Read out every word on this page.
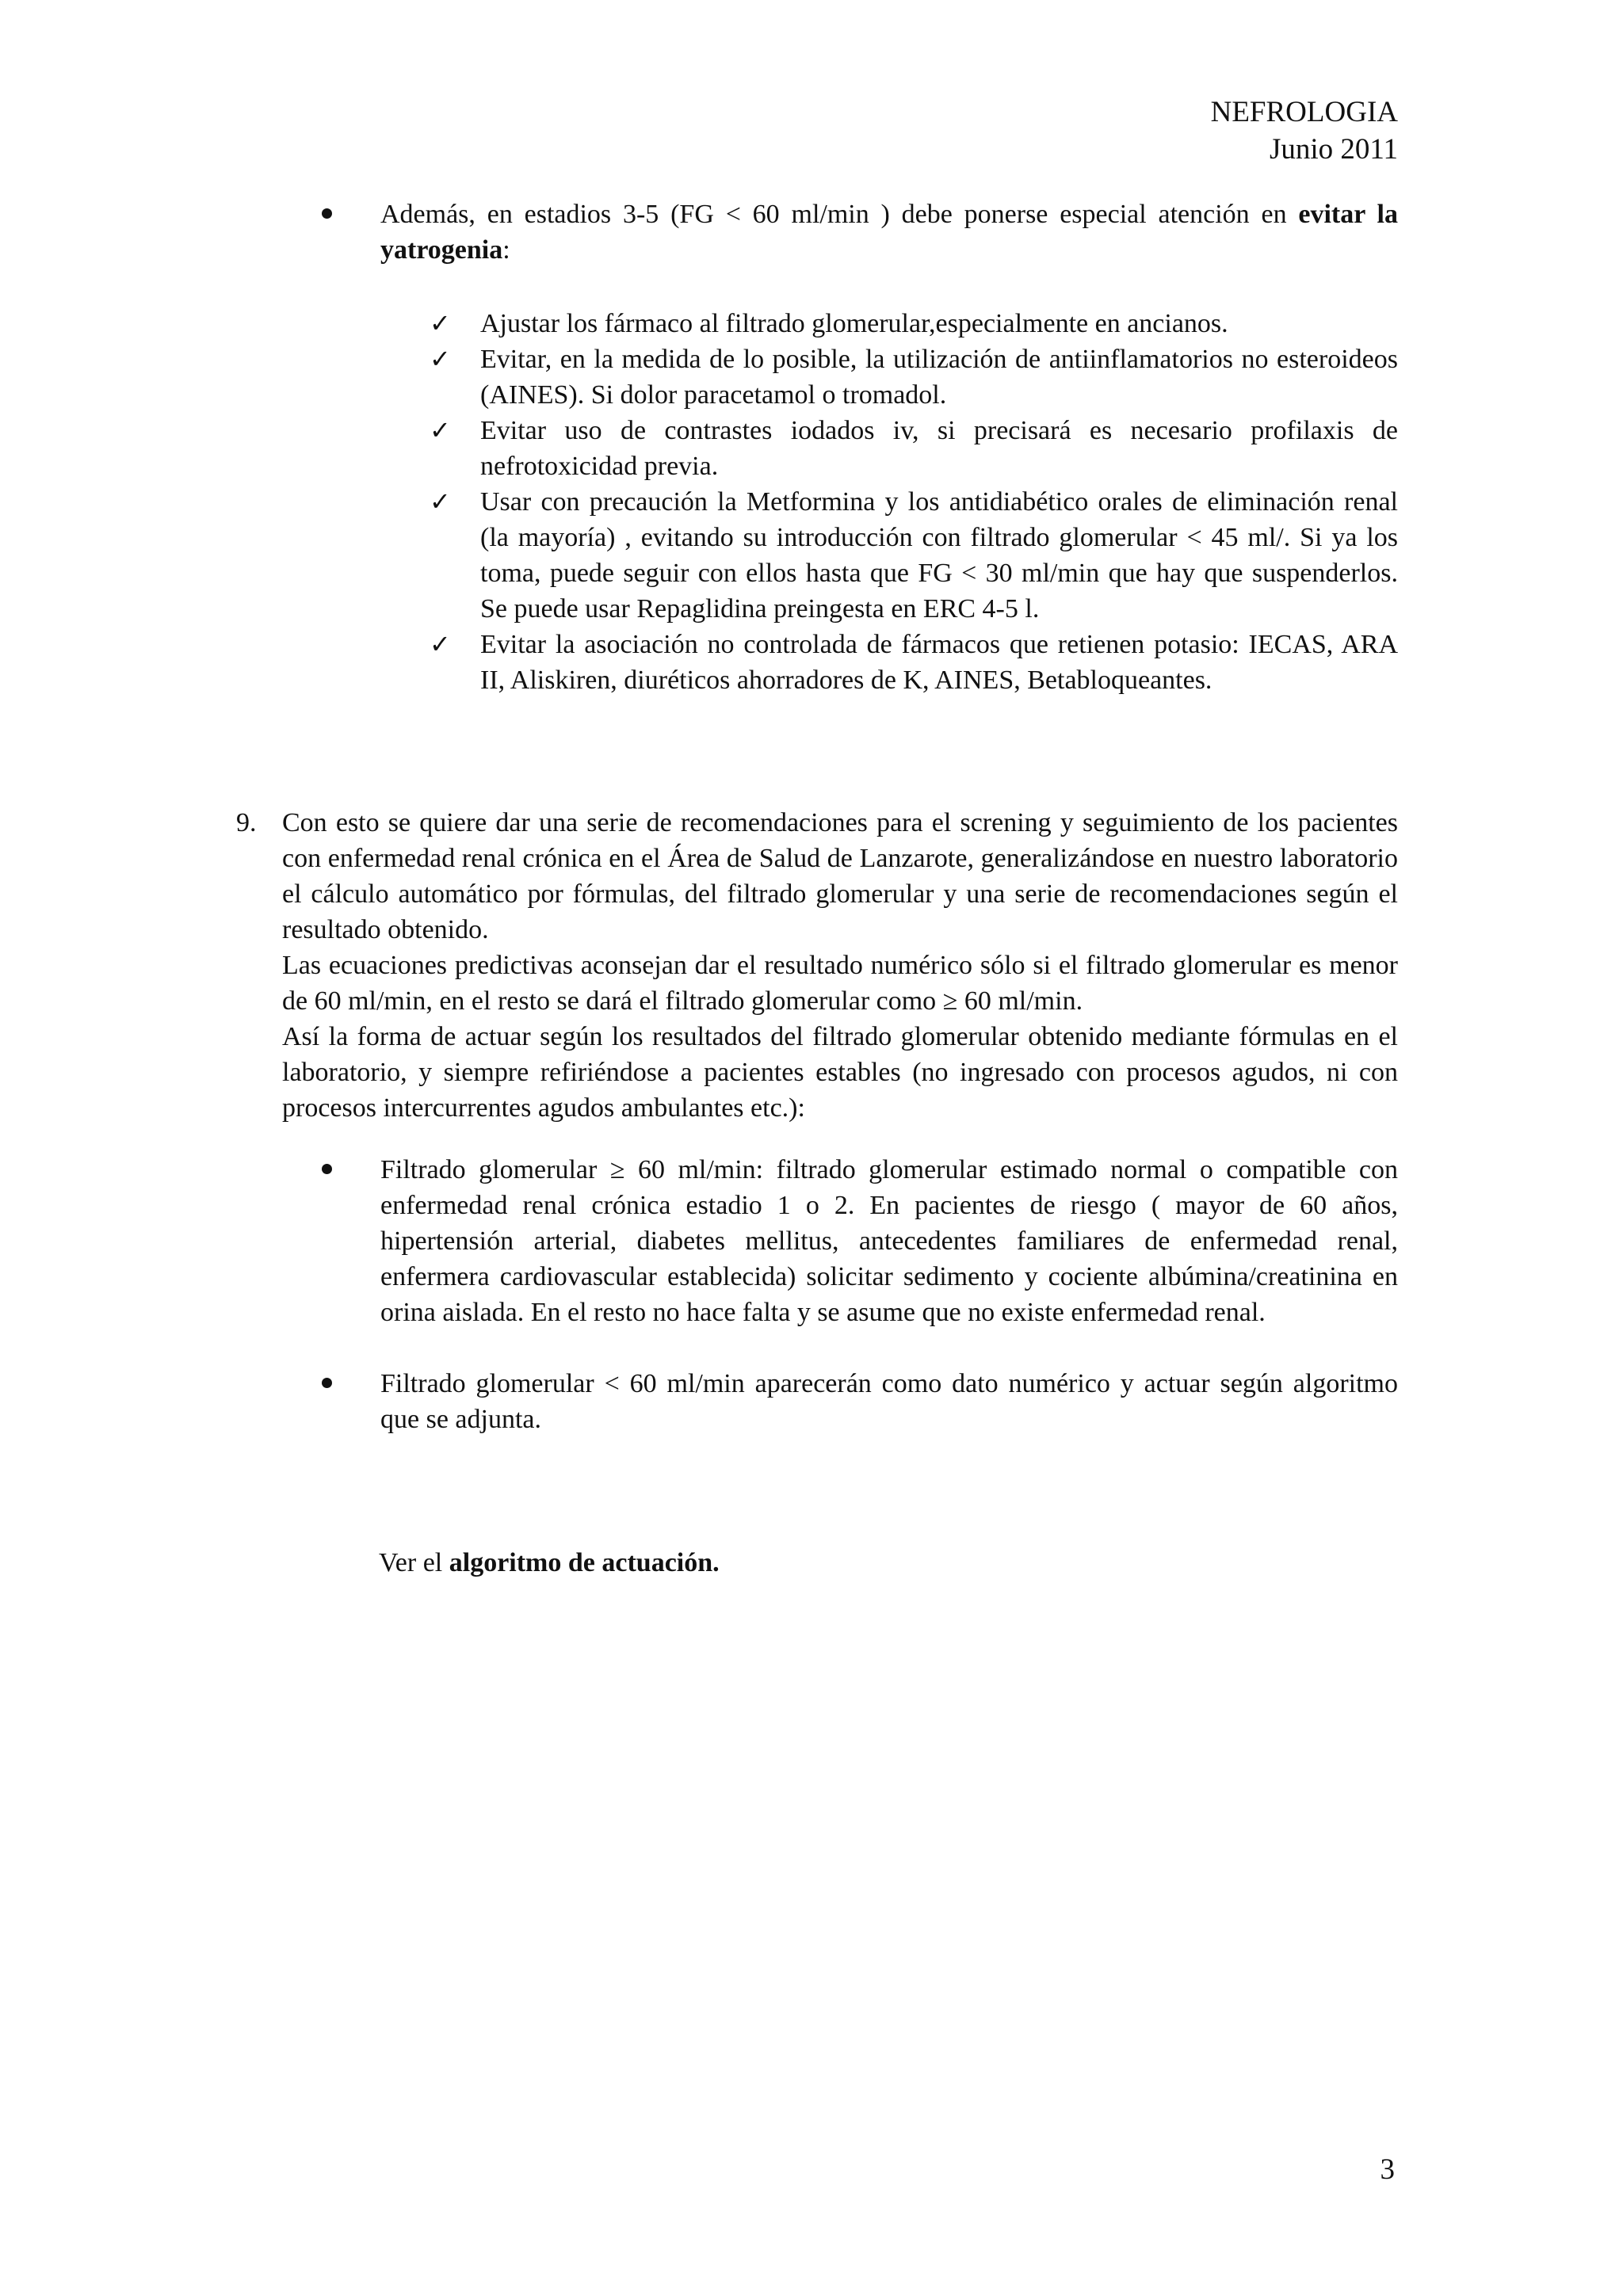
NEFROLOGIA
Junio 2011
Además, en estadios 3-5 (FG < 60 ml/min ) debe ponerse especial atención en evitar la yatrogenia:
✓	Ajustar los fármaco al filtrado glomerular,especialmente en ancianos.
✓	Evitar, en la medida de lo posible, la utilización de antiinflamatorios no esteroideos (AINES). Si dolor paracetamol o tromadol.
✓	Evitar uso de contrastes iodados iv, si precisará es necesario profilaxis de nefrotoxicidad previa.
✓	Usar con precaución la Metformina y los antidiabético orales de eliminación renal (la mayoría) , evitando su introducción con filtrado glomerular < 45 ml/. Si ya los toma, puede seguir con ellos hasta que FG < 30 ml/min que hay que suspenderlos. Se puede usar Repaglidina preingesta en ERC 4-5 l.
✓	Evitar la asociación no controlada de fármacos que retienen potasio: IECAS, ARA II, Aliskiren, diuréticos ahorradores de K, AINES, Betabloqueantes.
9. Con esto se quiere dar una serie de recomendaciones para el screning y seguimiento de los pacientes con enfermedad renal crónica en el Área de Salud de Lanzarote, generalizándose en nuestro laboratorio el cálculo automático por fórmulas, del filtrado glomerular y una serie de recomendaciones según el resultado obtenido.

Las ecuaciones predictivas aconsejan dar el resultado numérico sólo si el filtrado glomerular es menor de 60 ml/min, en el resto se dará el filtrado glomerular como ≥ 60 ml/min.

Así la forma de actuar según los resultados del filtrado glomerular obtenido mediante fórmulas en el laboratorio, y siempre refiriéndose a pacientes estables (no ingresado con procesos agudos, ni con procesos intercurrentes agudos ambulantes etc.):

Filtrado glomerular ≥ 60 ml/min: filtrado glomerular estimado normal o compatible con enfermedad renal crónica estadio 1 o 2. En pacientes de riesgo ( mayor de 60 años, hipertensión arterial, diabetes mellitus, antecedentes familiares de enfermedad renal, enfermera cardiovascular establecida) solicitar sedimento y cociente albúmina/creatinina en orina aislada. En el resto no hace falta y se asume que no existe enfermedad renal.
Filtrado glomerular < 60 ml/min aparecerán como dato numérico y actuar según algoritmo que se adjunta.
Ver el algoritmo de actuación.
3
